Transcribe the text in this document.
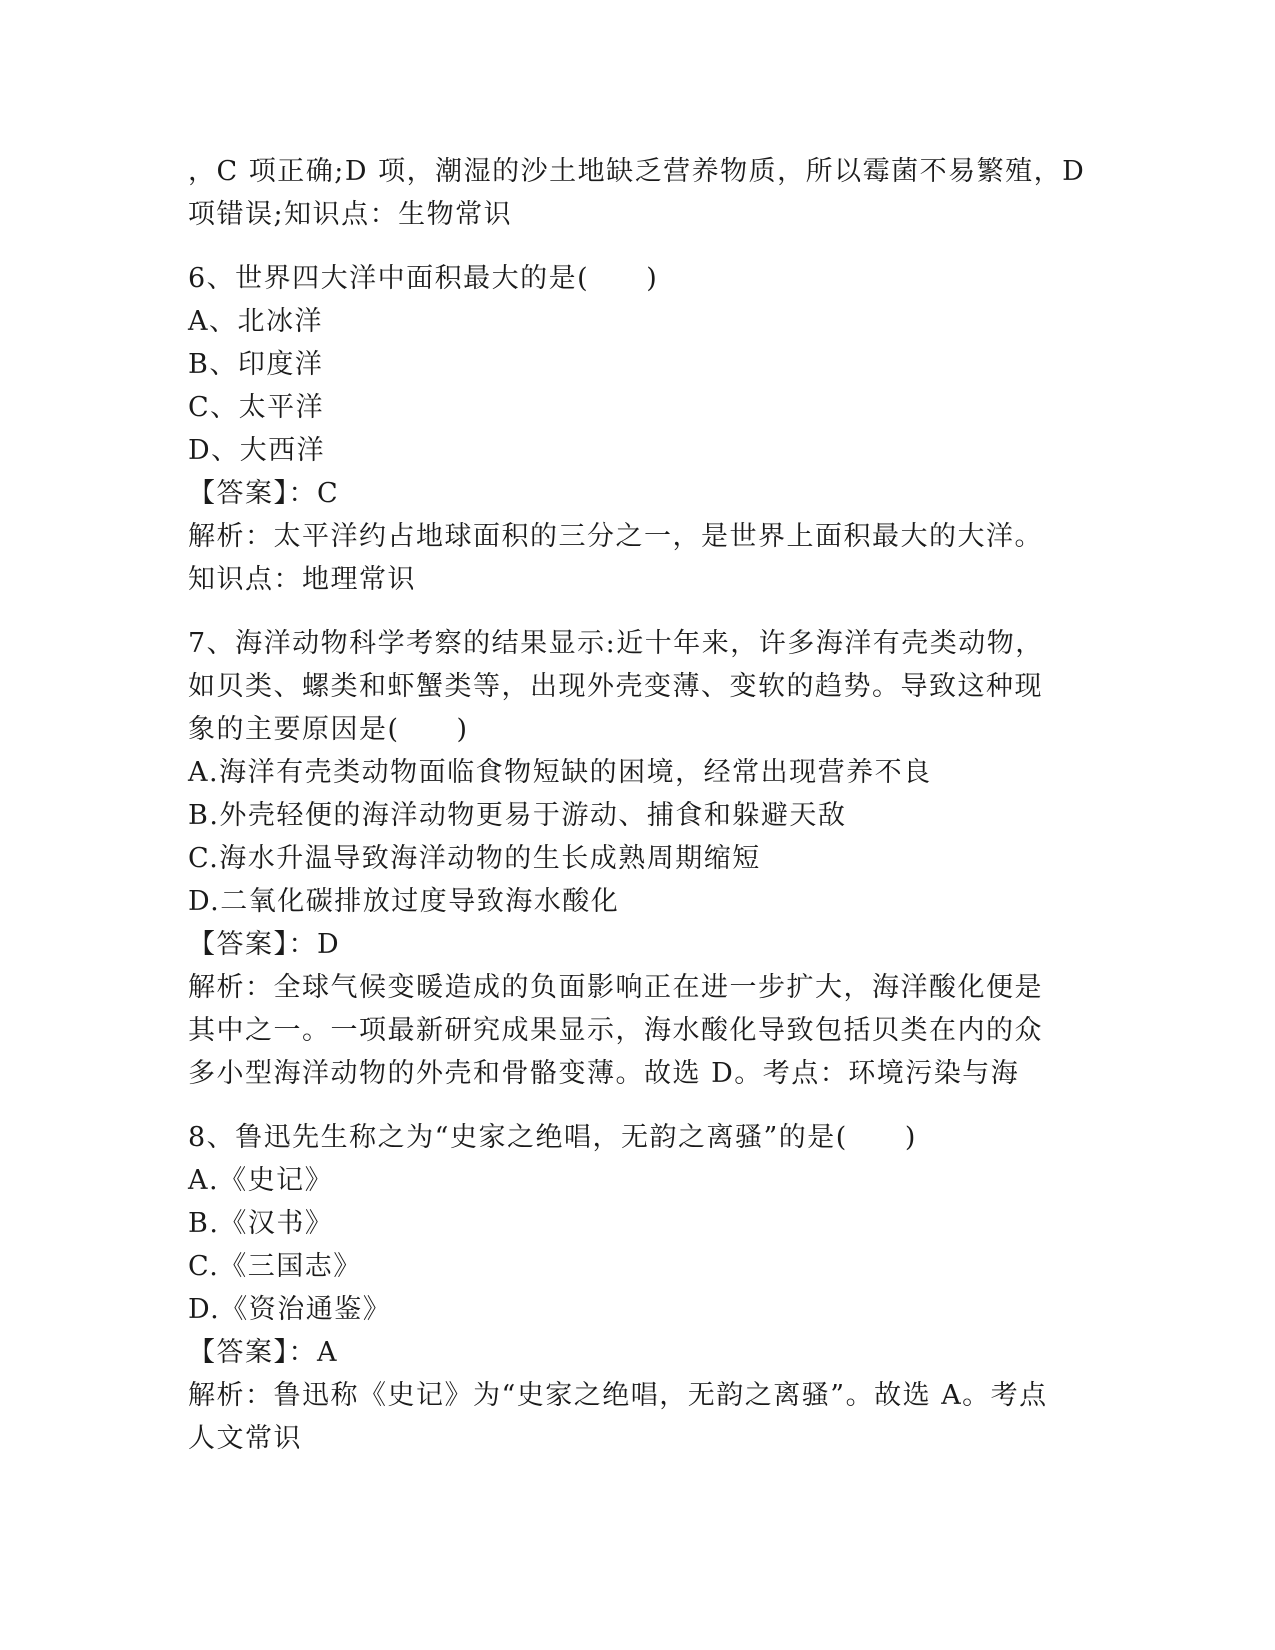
，C 项正确;D 项，潮湿的沙土地缺乏营养物质，所以霉菌不易繁殖，D
项错误;知识点：生物常识
6、世界四大洋中面积最大的是(　　)
A、北冰洋
B、印度洋
C、太平洋
D、大西洋
【答案】：C
解析：太平洋约占地球面积的三分之一，是世界上面积最大的大洋。
知识点：地理常识
7、海洋动物科学考察的结果显示:近十年来，许多海洋有壳类动物，
如贝类、螺类和虾蟹类等，出现外壳变薄、变软的趋势。导致这种现
象的主要原因是(　　)
A.海洋有壳类动物面临食物短缺的困境，经常出现营养不良
B.外壳轻便的海洋动物更易于游动、捕食和躲避天敌
C.海水升温导致海洋动物的生长成熟周期缩短
D.二氧化碳排放过度导致海水酸化
【答案】：D
解析：全球气候变暖造成的负面影响正在进一步扩大，海洋酸化便是
其中之一。一项最新研究成果显示，海水酸化导致包括贝类在内的众
多小型海洋动物的外壳和骨骼变薄。故选 D。考点：环境污染与海
8、鲁迅先生称之为“史家之绝唱，无韵之离骚”的是(　　)
A.《史记》
B.《汉书》
C.《三国志》
D.《资治通鉴》
【答案】：A
解析：鲁迅称《史记》为“史家之绝唱，无韵之离骚”。故选 A。考点
人文常识
